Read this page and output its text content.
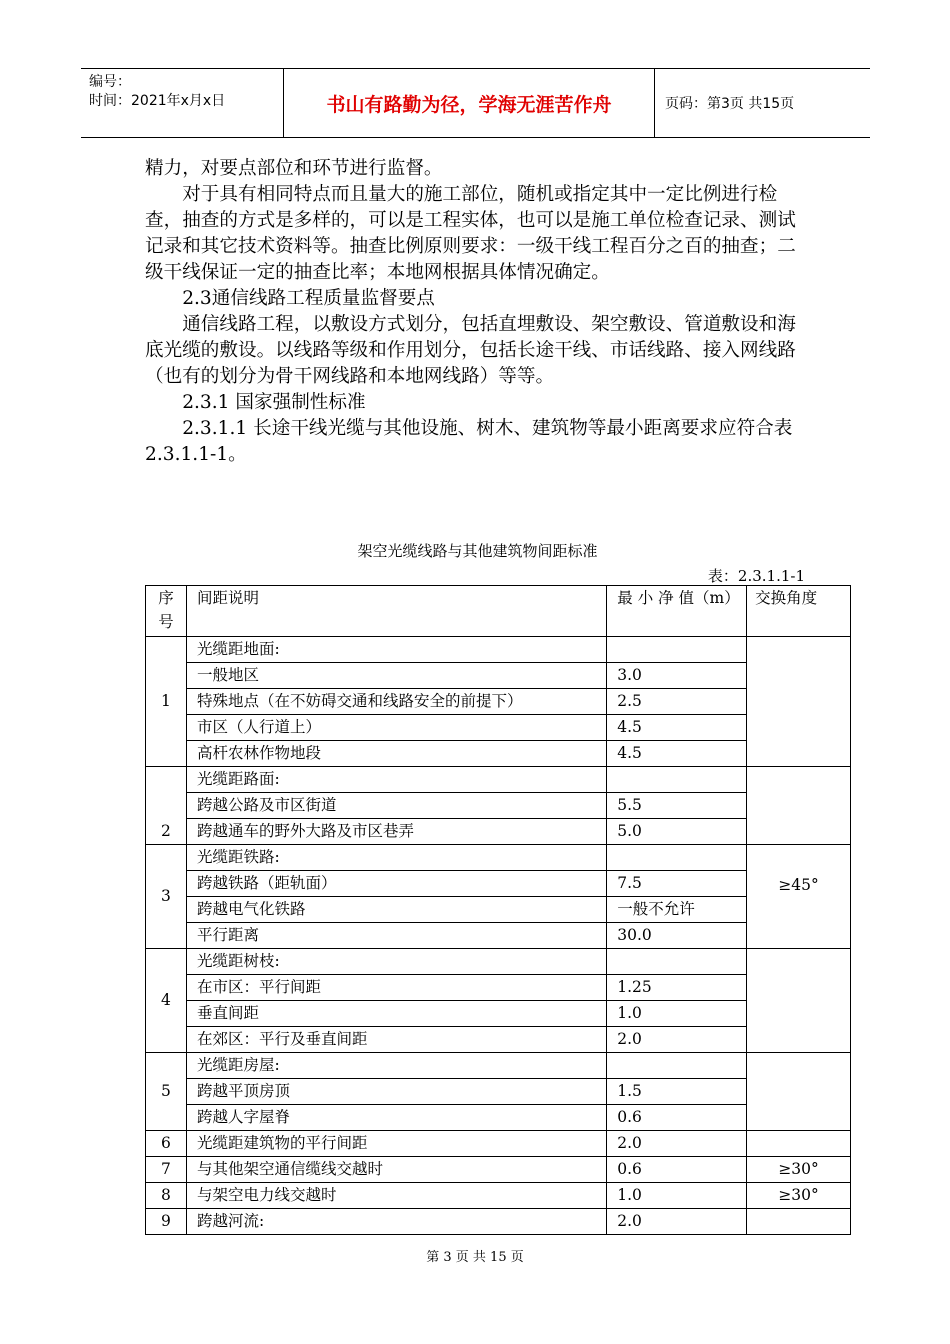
编号：
时间：2021年x月x日	书山有路勤为径，学海无涯苦作舟	页码：第3页 共15页

精力，对要点部位和环节进行监督。

对于具有相同特点而且量大的施工部位，随机或指定其中一定比例进行检查，抽查的方式是多样的，可以是工程实体，也可以是施工单位检查记录、测试记录和其它技术资料等。抽查比例原则要求：一级干线工程百分之百的抽查；二级干线保证一定的抽查比率；本地网根据具体情况确定。

2.3通信线路工程质量监督要点

通信线路工程，以敷设方式划分，包括直埋敷设、架空敷设、管道敷设和海底光缆的敷设。以线路等级和作用划分，包括长途干线、市话线路、接入网线路（也有的划分为骨干网线路和本地网线路）等等。

2.3.1 国家强制性标准

2.3.1.1 长途干线光缆与其他设施、树木、建筑物等最小距离要求应符合表2.3.1.1-1。

架空光缆线路与其他建筑物间距标准
表：2.3.1.1-1
序号	间距说明	最 小 净 值（m）	交换角度
1	光缆距地面:		
	一般地区	3.0	
	特殊地点（在不妨碍交通和线路安全的前提下）	2.5	
	市区（人行道上）	4.5	
	高杆农林作物地段	4.5	
2	光缆距路面:		
	跨越公路及市区街道	5.5	
	跨越通车的野外大路及市区巷弄	5.0	
3	光缆距铁路:		≥45°
	跨越铁路（距轨面）	7.5	
	跨越电气化铁路	一般不允许	
	平行距离	30.0	
4	光缆距树枝:		
	在市区：平行间距	1.25	
	垂直间距	1.0	
	在郊区：平行及垂直间距	2.0	
5	光缆距房屋:		
	跨越平顶房顶	1.5	
	跨越人字屋脊	0.6	
6	光缆距建筑物的平行间距	2.0	
7	与其他架空通信缆线交越时	0.6	≥30°
8	与架空电力线交越时	1.0	≥30°
9	跨越河流:	2.0	
第 3 页 共 15 页
